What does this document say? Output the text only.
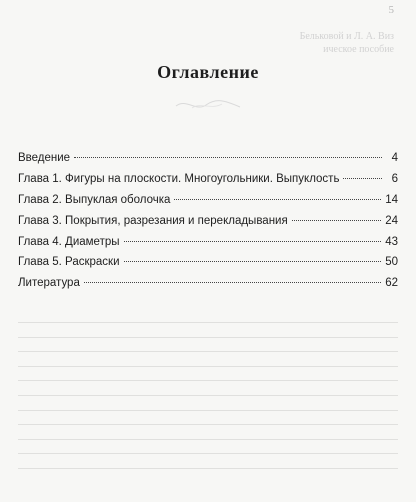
5
Бельковой и Л. А. Виз
ическое пособие
Оглавление
Введение	4
Глава 1. Фигуры на плоскости. Многоугольники. Выпуклость	6
Глава 2. Выпуклая оболочка	14
Глава 3. Покрытия, разрезания и перекладывания	24
Глава 4. Диаметры	43
Глава 5. Раскраски	50
Литература	62
